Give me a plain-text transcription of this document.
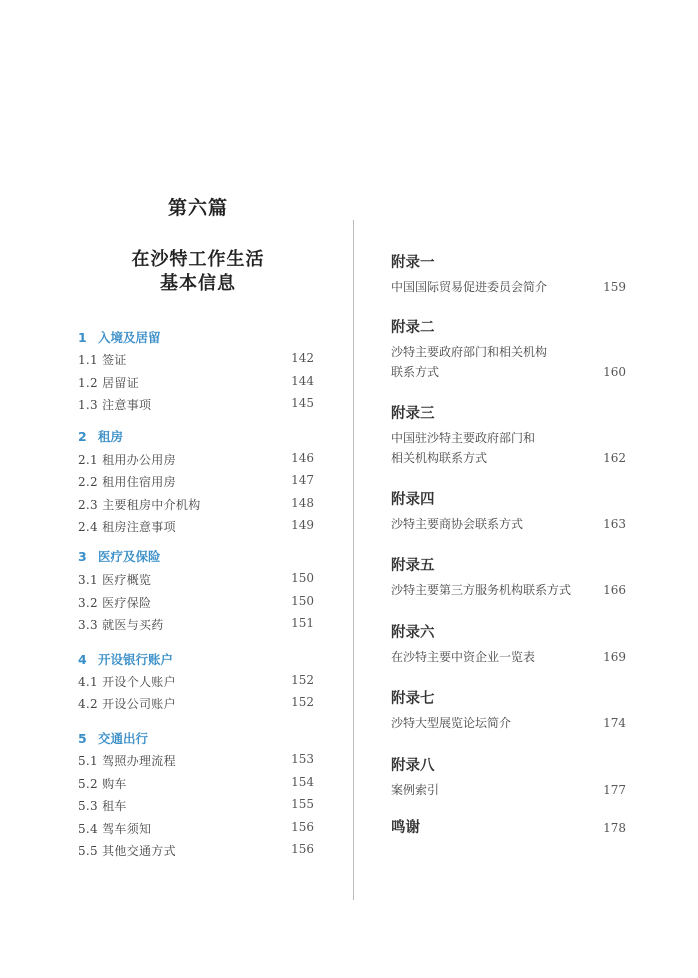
第六篇
在沙特工作生活
基本信息
1 入境及居留
1.1 签证	142
1.2 居留证	144
1.3 注意事项	145
2 租房
2.1 租用办公用房	146
2.2 租用住宿用房	147
2.3 主要租房中介机构	148
2.4 租房注意事项	149
3 医疗及保险
3.1 医疗概览	150
3.2 医疗保险	150
3.3 就医与买药	151
4 开设银行账户
4.1 开设个人账户	152
4.2 开设公司账户	152
5 交通出行
5.1 驾照办理流程	153
5.2 购车	154
5.3 租车	155
5.4 驾车须知	156
5.5 其他交通方式	156
附录一
中国国际贸易促进委员会简介	159
附录二
沙特主要政府部门和相关机构
联系方式	160
附录三
中国驻沙特主要政府部门和
相关机构联系方式	162
附录四
沙特主要商协会联系方式	163
附录五
沙特主要第三方服务机构联系方式	166
附录六
在沙特主要中资企业一览表	169
附录七
沙特大型展览论坛简介	174
附录八
案例索引	177
鸣谢	178
